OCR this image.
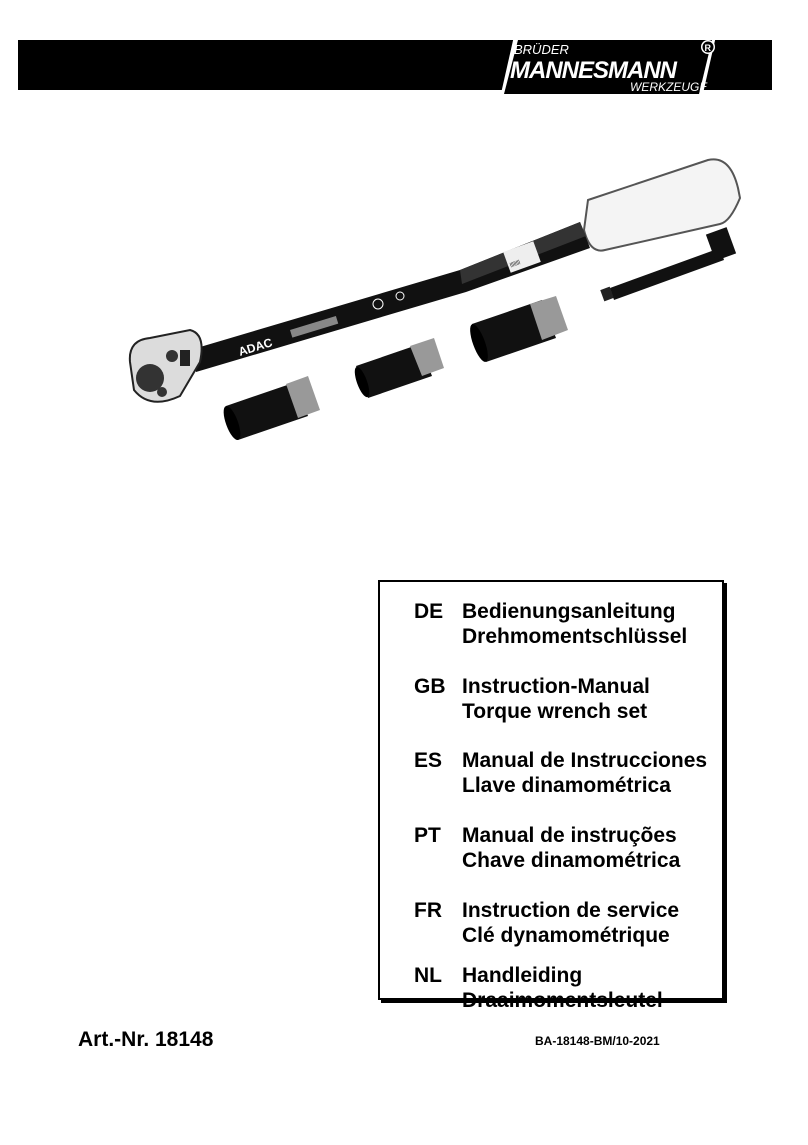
BRÜDER
MANNESMANN
WERKZEUGE
R
||||||||
ADAC
DE Bedienungsanleitung
Drehmomentschlüssel
GB Instruction-Manual
Torque wrench set
ES Manual de Instrucciones
Llave dinamométrica
PT	Manual de instruções
Chave dinamométrica
FR Instruction de service
Clé dynamométrique
NL Handleiding
Draaimomentsleutel
Art.-Nr. 18148	BA-18148-BM/10-2021
